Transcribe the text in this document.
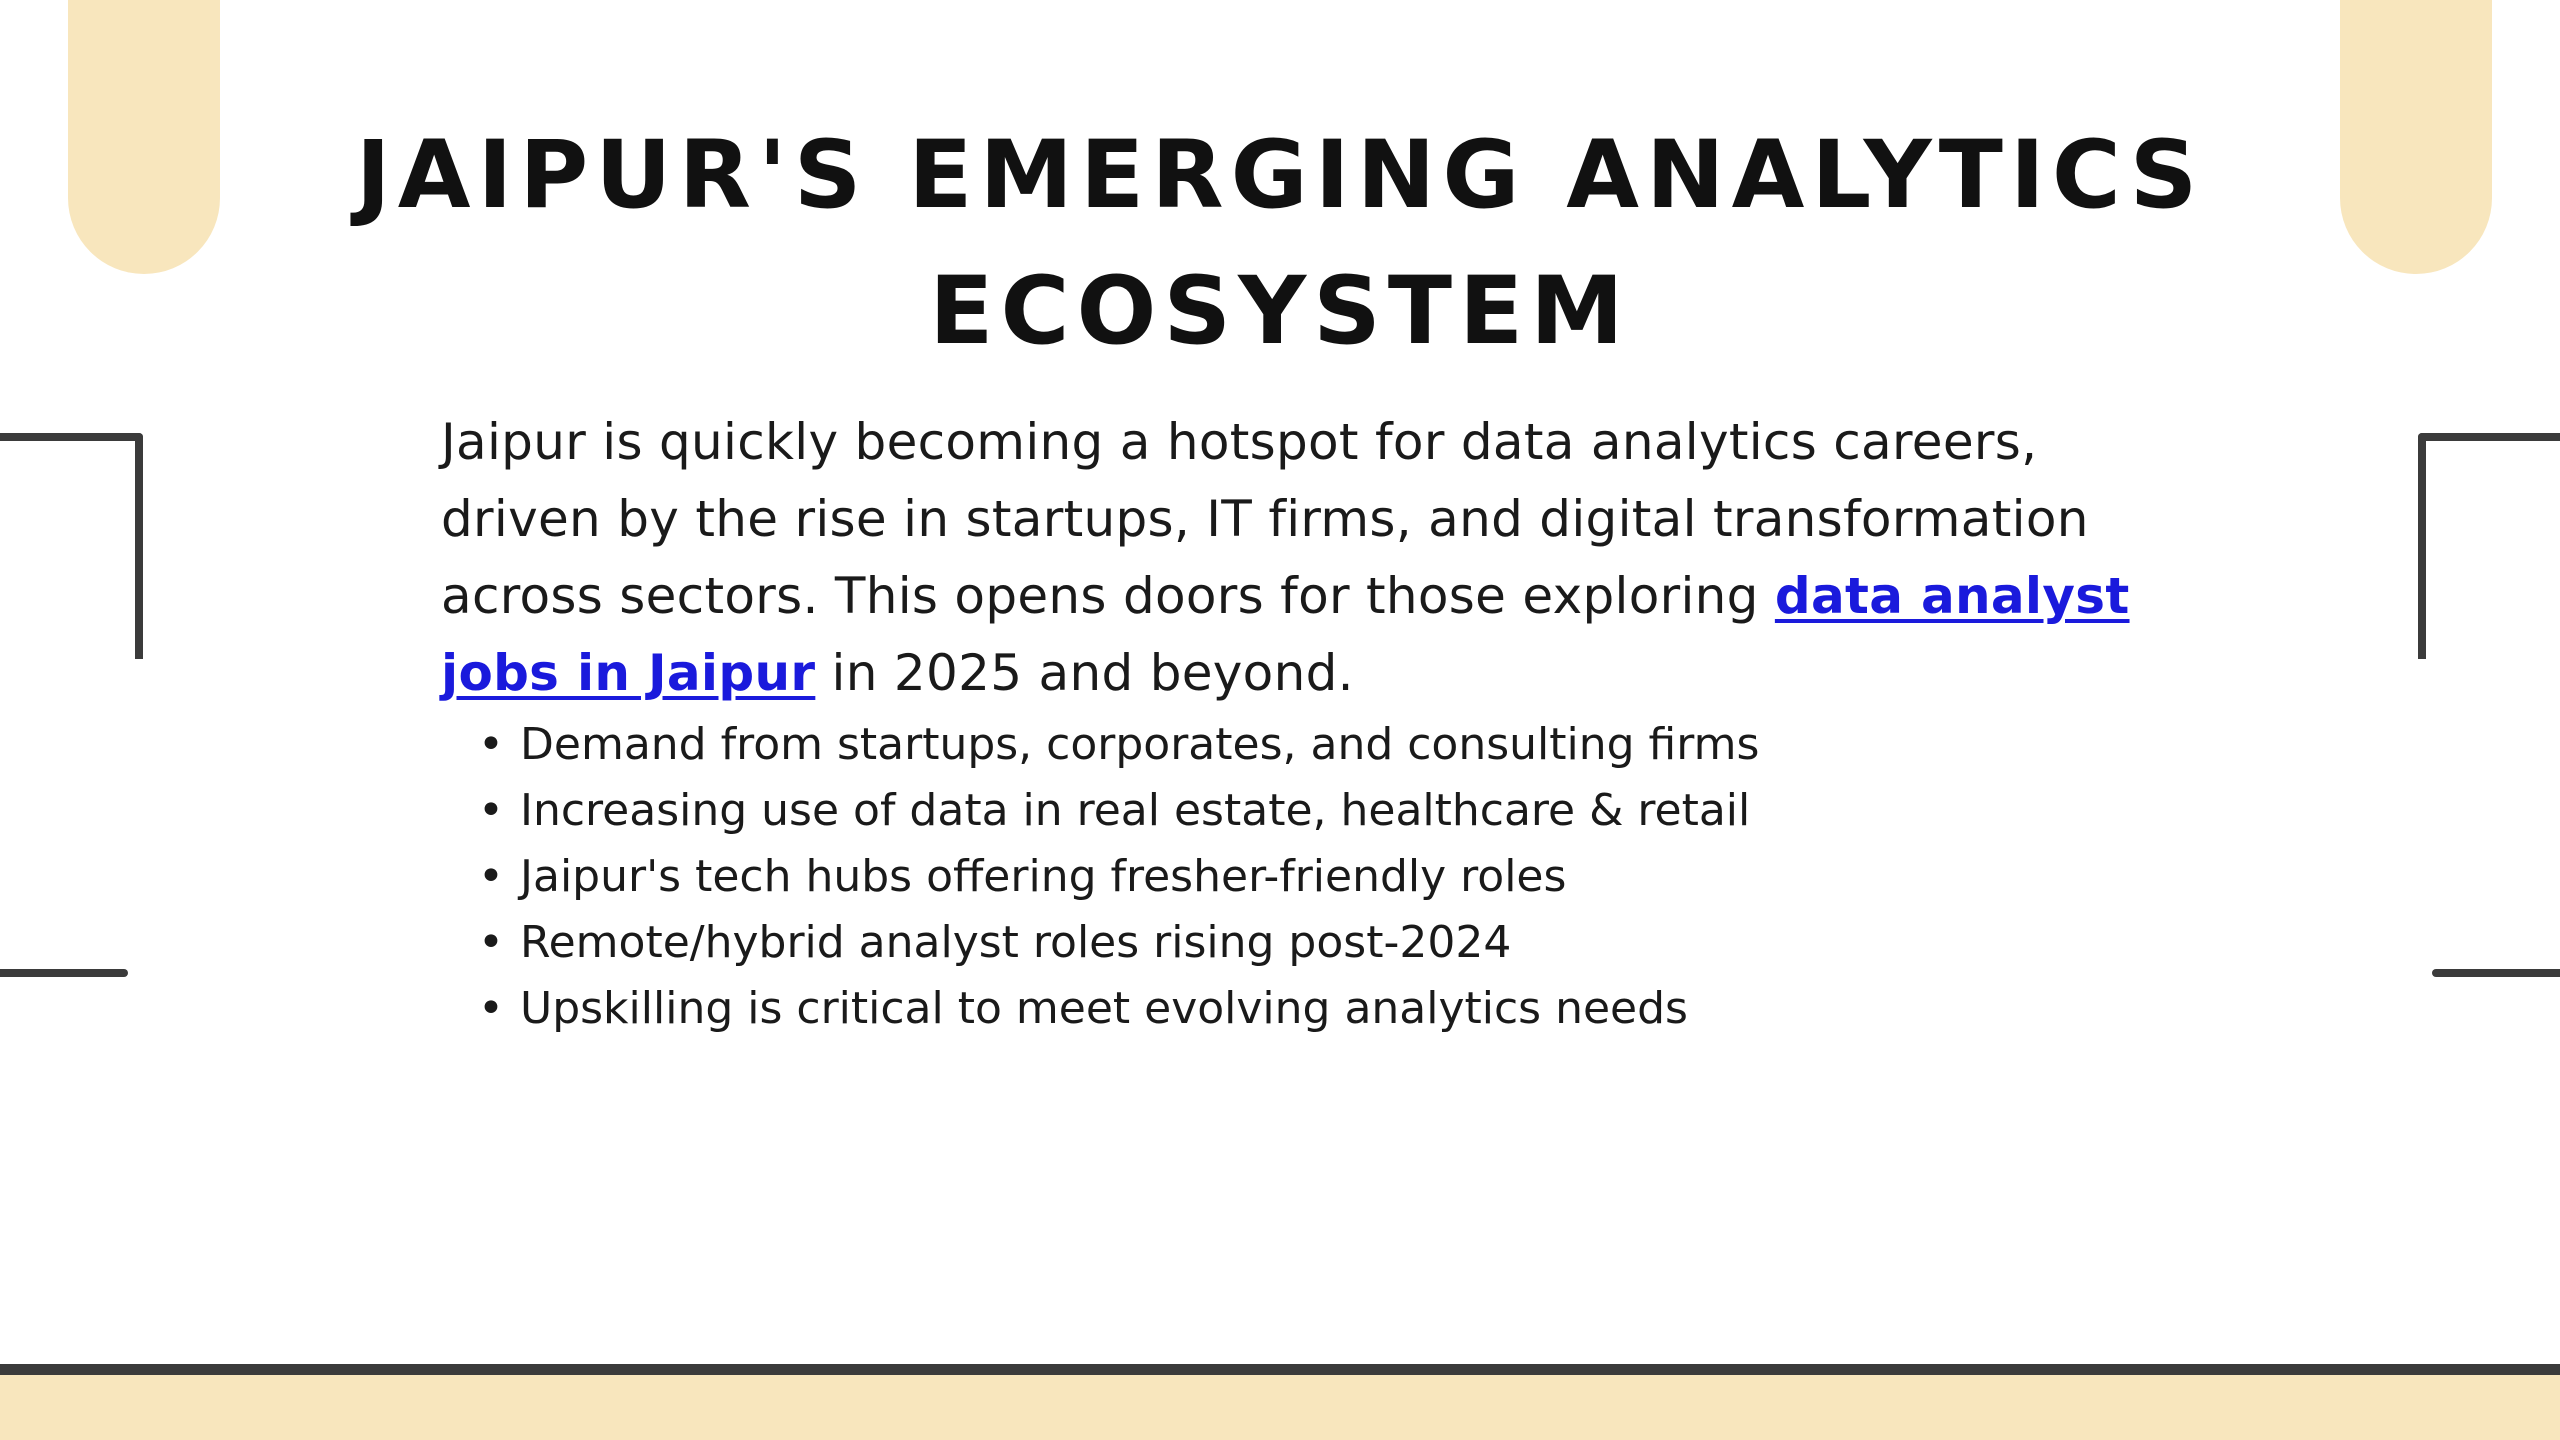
JAIPUR'S EMERGING ANALYTICS
ECOSYSTEM

Jaipur is quickly becoming a hotspot for data analytics careers, driven by the rise in startups, IT firms, and digital transformation across sectors. This opens doors for those exploring data analyst jobs in Jaipur in 2025 and beyond.

• Demand from startups, corporates, and consulting firms
• Increasing use of data in real estate, healthcare & retail
• Jaipur's tech hubs offering fresher-friendly roles
• Remote/hybrid analyst roles rising post-2024
• Upskilling is critical to meet evolving analytics needs
